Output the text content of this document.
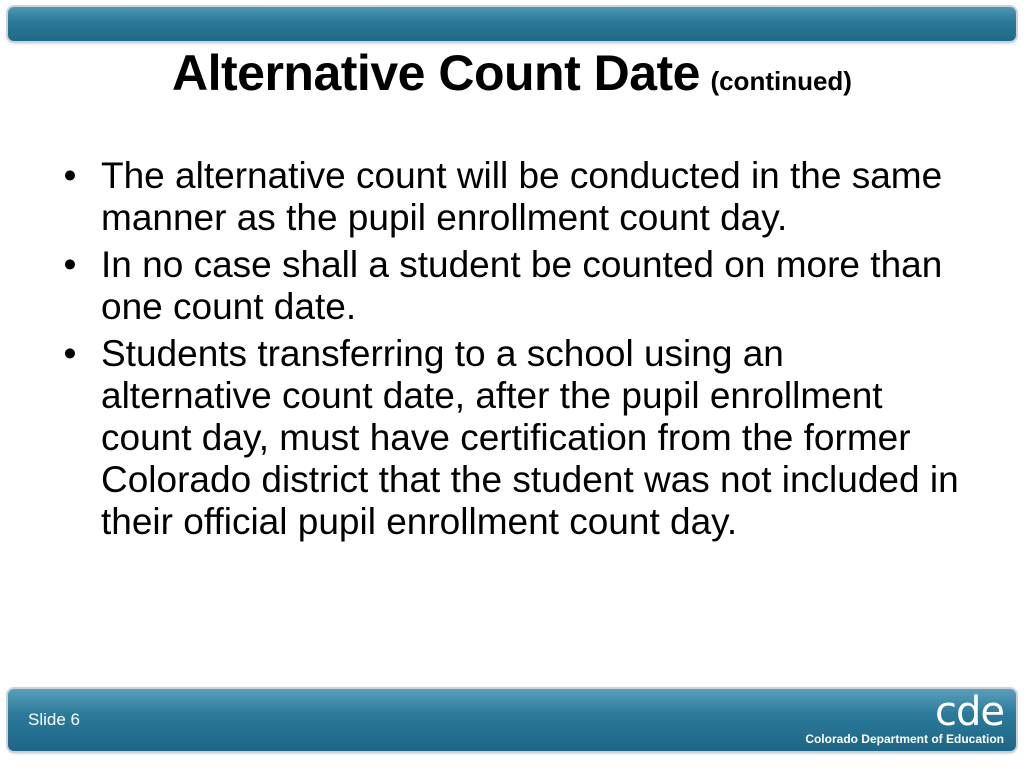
Alternative Count Date (continued)
• The alternative count will be conducted in the same manner as the pupil enrollment count day.
• In no case shall a student be counted on more than one count date.
• Students transferring to a school using an alternative count date, after the pupil enrollment count day, must have certification from the former Colorado district that the student was not included in their official pupil enrollment count day.
Slide 6	cde
Colorado Department of Education
